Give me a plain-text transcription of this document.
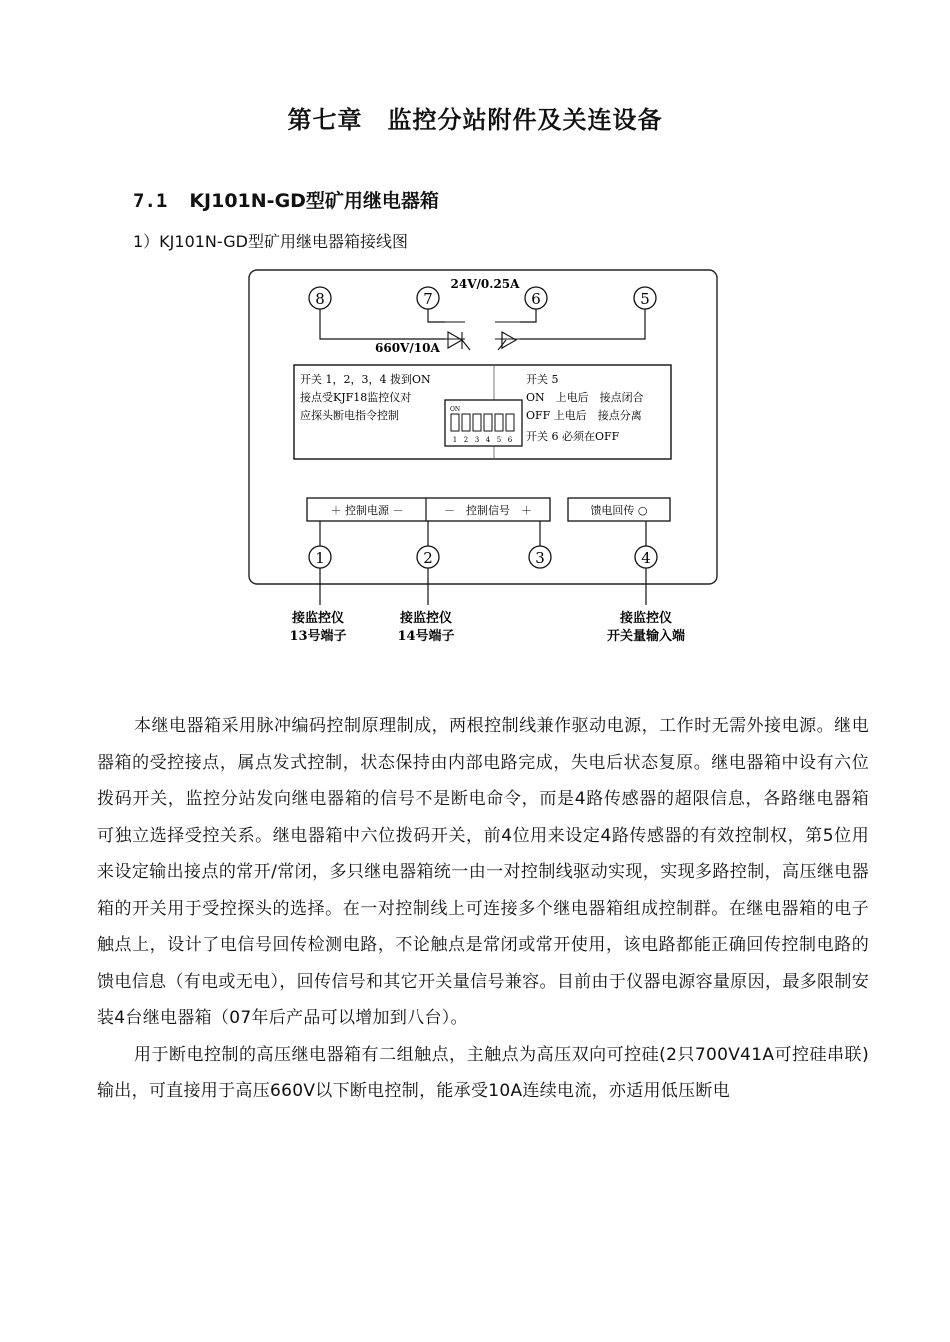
第七章　监控分站附件及关连设备
7.1 KJ101N-GD型矿用继电器箱
1）KJ101N-GD型矿用继电器箱接线图
8	7	6	5
24V/0.25A
660V/10A
开关 1，2，3，4 拨到ON
接点受KJF18监控仪对
应探头断电指令控制	ON
1 2 3 4 5 6
开关 5
ON　上电后　接点闭合
OFF 上电后　接点分离
开关 6 必须在OFF
＋ 控制电源 －	－　控制信号　＋	馈电回传 ○
1	2	3	4
接监控仪
13号端子
接监控仪
14号端子
接监控仪
开关量输入端

本继电器箱采用脉冲编码控制原理制成，两根控制线兼作驱动电源，工作时无需外接电源。继电器箱的受控接点，属点发式控制，状态保持由内部电路完成，失电后状态复原。继电器箱中设有六位拨码开关，监控分站发向继电器箱的信号不是断电命令，而是4路传感器的超限信息，各路继电器箱可独立选择受控关系。继电器箱中六位拨码开关，前4位用来设定4路传感器的有效控制权，第5位用来设定输出接点的常开/常闭，多只继电器箱统一由一对控制线驱动实现，实现多路控制，高压继电器箱的开关用于受控探头的选择。在一对控制线上可连接多个继电器箱组成控制群。在继电器箱的电子触点上，设计了电信号回传检测电路，不论触点是常闭或常开使用，该电路都能正确回传控制电路的馈电信息（有电或无电），回传信号和其它开关量信号兼容。目前由于仪器电源容量原因，最多限制安装4台继电器箱（07年后产品可以增加到八台）。

用于断电控制的高压继电器箱有二组触点，主触点为高压双向可控硅(2只700V41A可控硅串联)输出，可直接用于高压660V以下断电控制，能承受10A连续电流，亦适用低压断电
